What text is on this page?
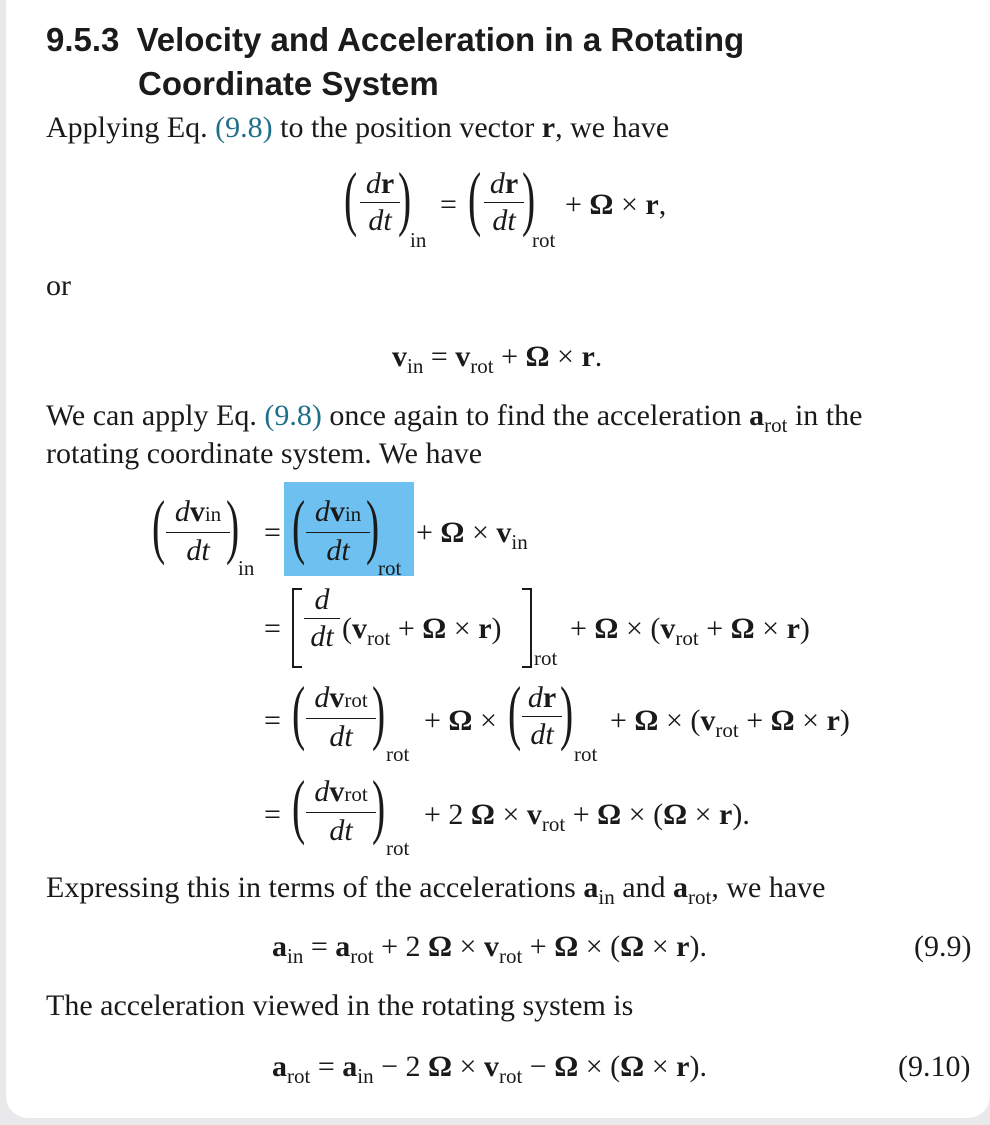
9.5.3 Velocity and Acceleration in a Rotating
Coordinate System
Applying Eq. (9.8) to the position vector r, we have
( dr
dt )
in
= ( dr
dt )
rot
+ Ω × r,
or
$v_{in} = v_{rot} + \Omega \times r$.
We can apply Eq. (9.8) once again to find the acceleration $a_{rot}$ in the
rotating coordinate system. We have
( dvin
dt )
in
= ( dvin
dt )
rot
+ $\Omega \times v_{in}$
=
d
dt $(v_{rot} + \Omega \times r)$
rot
+ $\Omega \times (v_{rot} + \Omega \times r)$
= ( dvrot
dt )
rot
+ Ω × ( dr
dt )
rot
+ $\Omega \times (v_{rot} + \Omega \times r)$
= ( dvrot
dt )
rot
+ 2 $\Omega \times v_{rot} + \Omega \times (\Omega \times r)$.
Expressing this in terms of the accelerations $a_{in}$ and $a_{rot}$, we have
$a_{in} = a_{rot} + 2$ $\Omega \times v_{rot} + \Omega \times (\Omega \times r)$.	(9.9)
The acceleration viewed in the rotating system is
$a_{rot} = a_{in} - 2$ $\Omega \times v_{rot} - \Omega \times (\Omega \times r)$.	(9.10)
